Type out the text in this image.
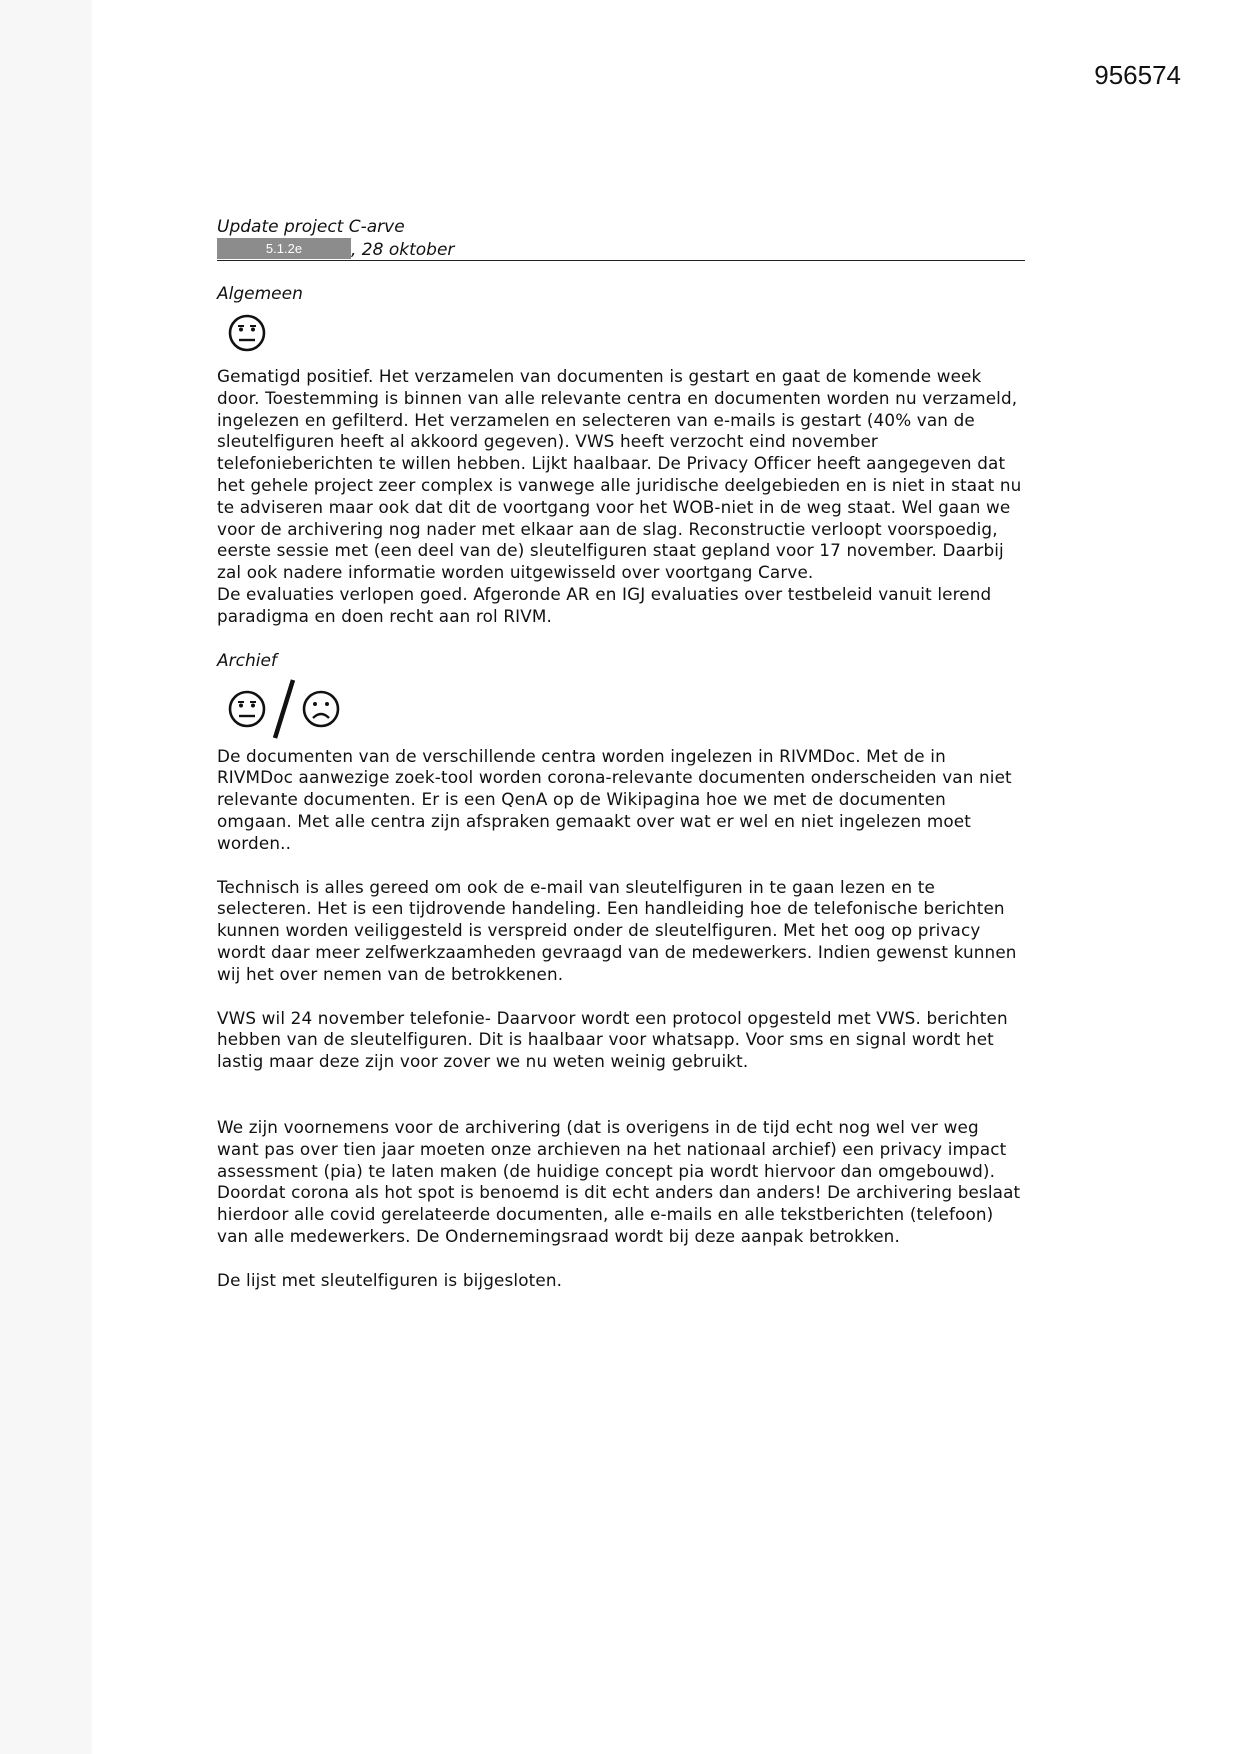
956574
Update project C-arve
5.1.2e	, 28 oktober
Algemeen

Gematigd positief. Het verzamelen van documenten is gestart en gaat de komende week door. Toestemming is binnen van alle relevante centra en documenten worden nu verzameld, ingelezen en gefilterd. Het verzamelen en selecteren van e-mails is gestart (40% van de sleutelfiguren heeft al akkoord gegeven). VWS heeft verzocht eind november telefonieberichten te willen hebben. Lijkt haalbaar. De Privacy Officer heeft aangegeven dat het gehele project zeer complex is vanwege alle juridische deelgebieden en is niet in staat nu te adviseren maar ook dat dit de voortgang voor het WOB-niet in de weg staat. Wel gaan we voor de archivering nog nader met elkaar aan de slag. Reconstructie verloopt voorspoedig, eerste sessie met (een deel van de) sleutelfiguren staat gepland voor 17 november. Daarbij zal ook nadere informatie worden uitgewisseld over voortgang Carve.

De evaluaties verlopen goed. Afgeronde AR en IGJ evaluaties over testbeleid vanuit lerend paradigma en doen recht aan rol RIVM.

Archief

De documenten van de verschillende centra worden ingelezen in RIVMDoc. Met de in RIVMDoc aanwezige zoek-tool worden corona-relevante documenten onderscheiden van niet relevante documenten. Er is een QenA op de Wikipagina hoe we met de documenten omgaan. Met alle centra zijn afspraken gemaakt over wat er wel en niet ingelezen moet worden..

Technisch is alles gereed om ook de e-mail van sleutelfiguren in te gaan lezen en te selecteren. Het is een tijdrovende handeling. Een handleiding hoe de telefonische berichten kunnen worden veiliggesteld is verspreid onder de sleutelfiguren. Met het oog op privacy wordt daar meer zelfwerkzaamheden gevraagd van de medewerkers. Indien gewenst kunnen wij het over nemen van de betrokkenen.

VWS wil 24 november telefonie- Daarvoor wordt een protocol opgesteld met VWS. berichten hebben van de sleutelfiguren. Dit is haalbaar voor whatsapp. Voor sms en signal wordt het lastig maar deze zijn voor zover we nu weten weinig gebruikt.

We zijn voornemens voor de archivering (dat is overigens in de tijd echt nog wel ver weg want pas over tien jaar moeten onze archieven na het nationaal archief) een privacy impact assessment (pia) te laten maken (de huidige concept pia wordt hiervoor dan omgebouwd). Doordat corona als hot spot is benoemd is dit echt anders dan anders! De archivering beslaat hierdoor alle covid gerelateerde documenten, alle e-mails en alle tekstberichten (telefoon) van alle medewerkers. De Ondernemingsraad wordt bij deze aanpak betrokken.

De lijst met sleutelfiguren is bijgesloten.
